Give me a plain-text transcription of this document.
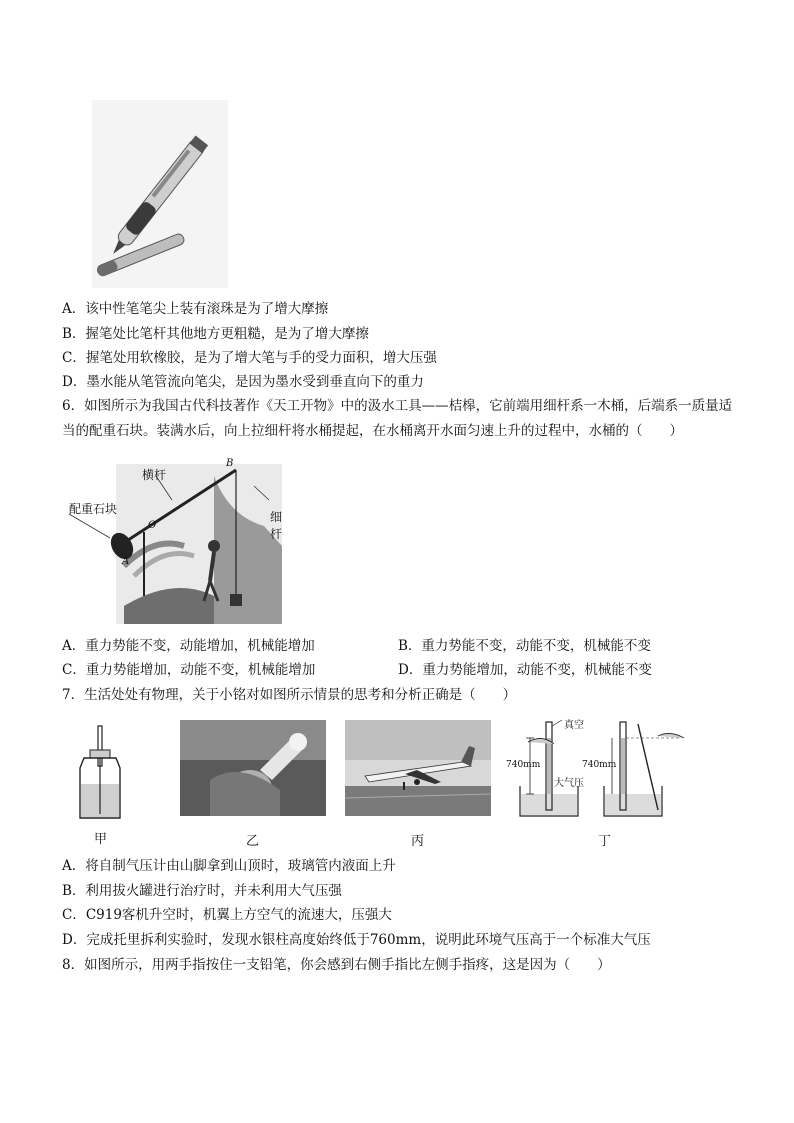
A．该中性笔笔尖上装有滚珠是为了增大摩擦
B．握笔处比笔杆其他地方更粗糙，是为了增大摩擦
C．握笔处用软橡胶，是为了增大笔与手的受力面积，增大压强
D．墨水能从笔管流向笔尖，是因为墨水受到垂直向下的重力
6．如图所示为我国古代科技著作《天工开物》中的汲水工具——桔槔，它前端用细杆系一木桶，后端系一质量适当的配重石块。装满水后，向上拉细杆将水桶提起，在水桶离开水面匀速上升的过程中，水桶的（　　）
配重石块
横杆
细杆
A
B
O
A．重力势能不变，动能增加，机械能增加	B．重力势能不变，动能不变，机械能不变
C．重力势能增加，动能不变，机械能增加	D．重力势能增加，动能不变，机械能不变
7．生活处处有物理，关于小铭对如图所示情景的思考和分析正确是（　　）
甲	乙	丙
真空
740mm
大气压
740mm
丁
A．将自制气压计由山脚拿到山顶时，玻璃管内液面上升
B．利用拔火罐进行治疗时，并未利用大气压强
C．C919客机升空时，机翼上方空气的流速大，压强大
D．完成托里拆利实验时，发现水银柱高度始终低于760mm，说明此环境气压高于一个标准大气压
8．如图所示，用两手指按住一支铅笔，你会感到右侧手指比左侧手指疼，这是因为（　　）
